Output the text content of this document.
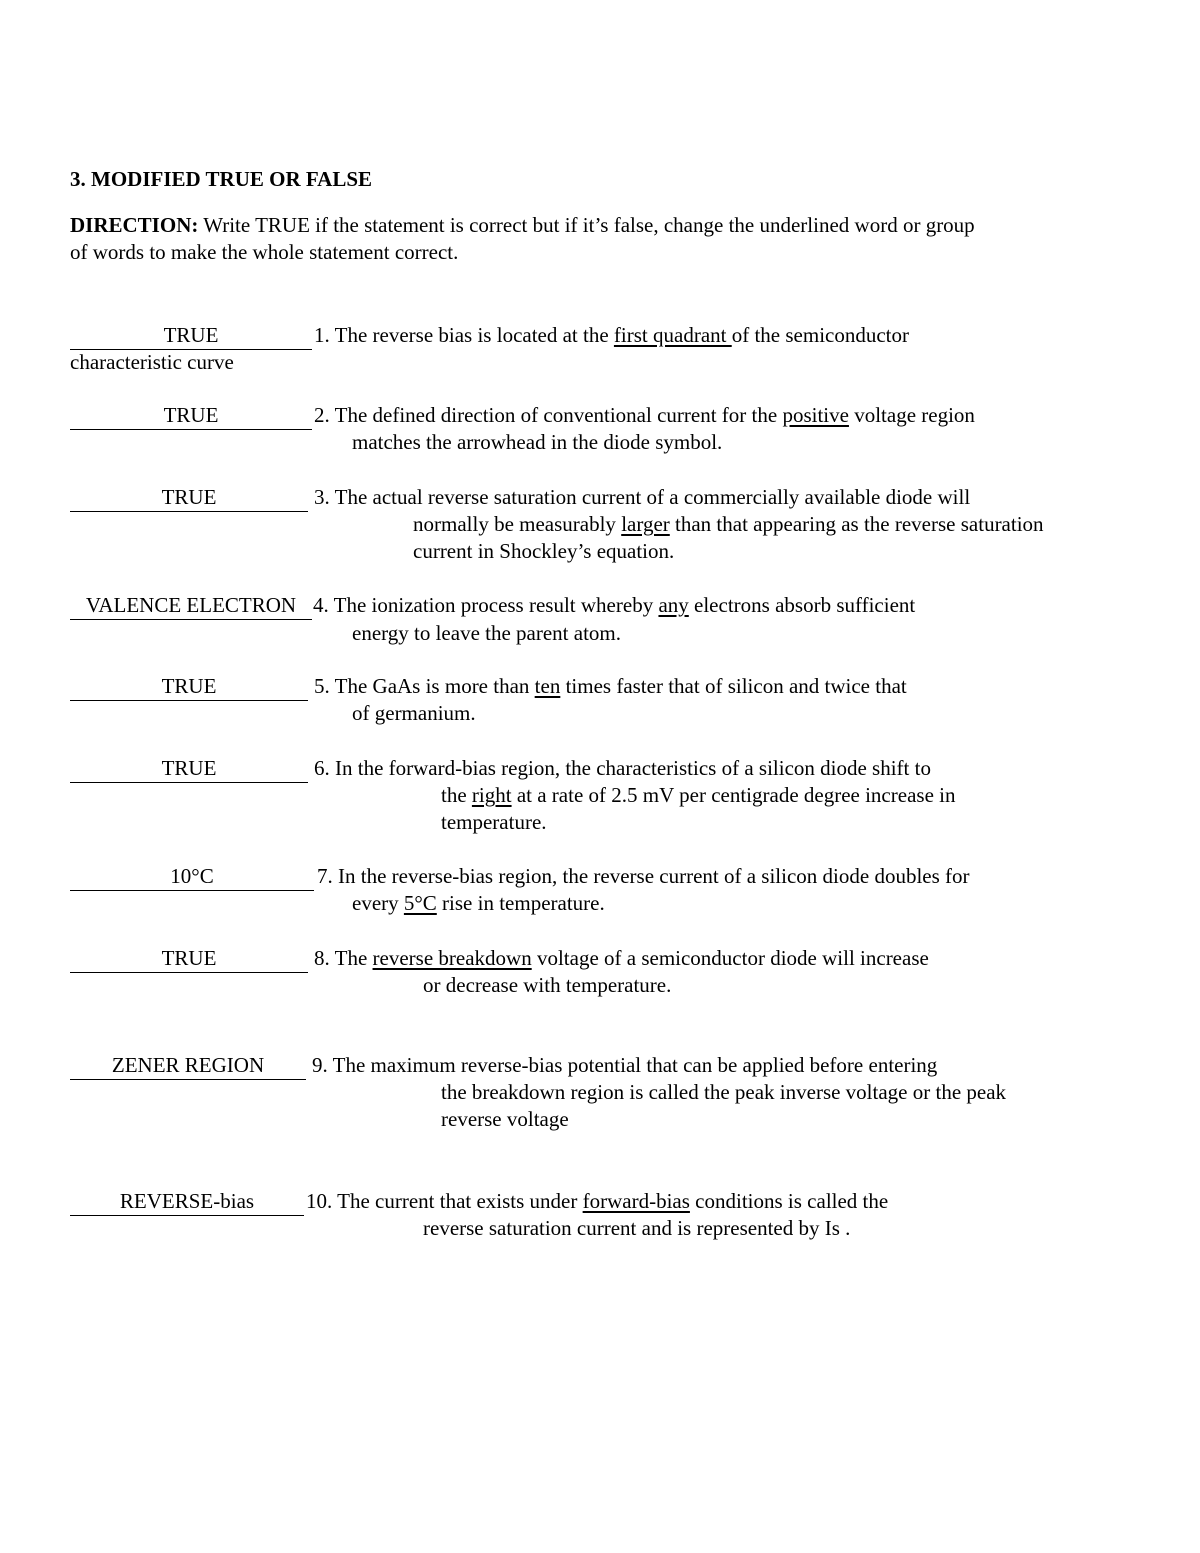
3. MODIFIED TRUE OR FALSE
DIRECTION: Write TRUE if the statement is correct but if it’s false, change the underlined word or group
of words to make the whole statement correct.
TRUE	1. The reverse bias is located at the first quadrant of the semiconductor
characteristic curve
TRUE	2. The defined direction of conventional current for the positive voltage region
matches the arrowhead in the diode symbol.
TRUE	3. The actual reverse saturation current of a commercially available diode will
normally be measurably larger than that appearing as the reverse saturation
current in Shockley’s equation.
VALENCE ELECTRON 4. The ionization process result whereby any electrons absorb sufficient
energy to leave the parent atom.
TRUE	5. The GaAs is more than ten times faster that of silicon and twice that
of germanium.
TRUE	6. In the forward-bias region, the characteristics of a silicon diode shift to
the right at a rate of 2.5 mV per centigrade degree increase in
temperature.
10°C	7. In the reverse-bias region, the reverse current of a silicon diode doubles for
every 5°C rise in temperature.
TRUE	8. The reverse breakdown voltage of a semiconductor diode will increase
or decrease with temperature.
ZENER REGION	9. The maximum reverse-bias potential that can be applied before entering
the breakdown region is called the peak inverse voltage or the peak
reverse voltage
REVERSE-bias	10. The current that exists under forward-bias conditions is called the
reverse saturation current and is represented by Is .
